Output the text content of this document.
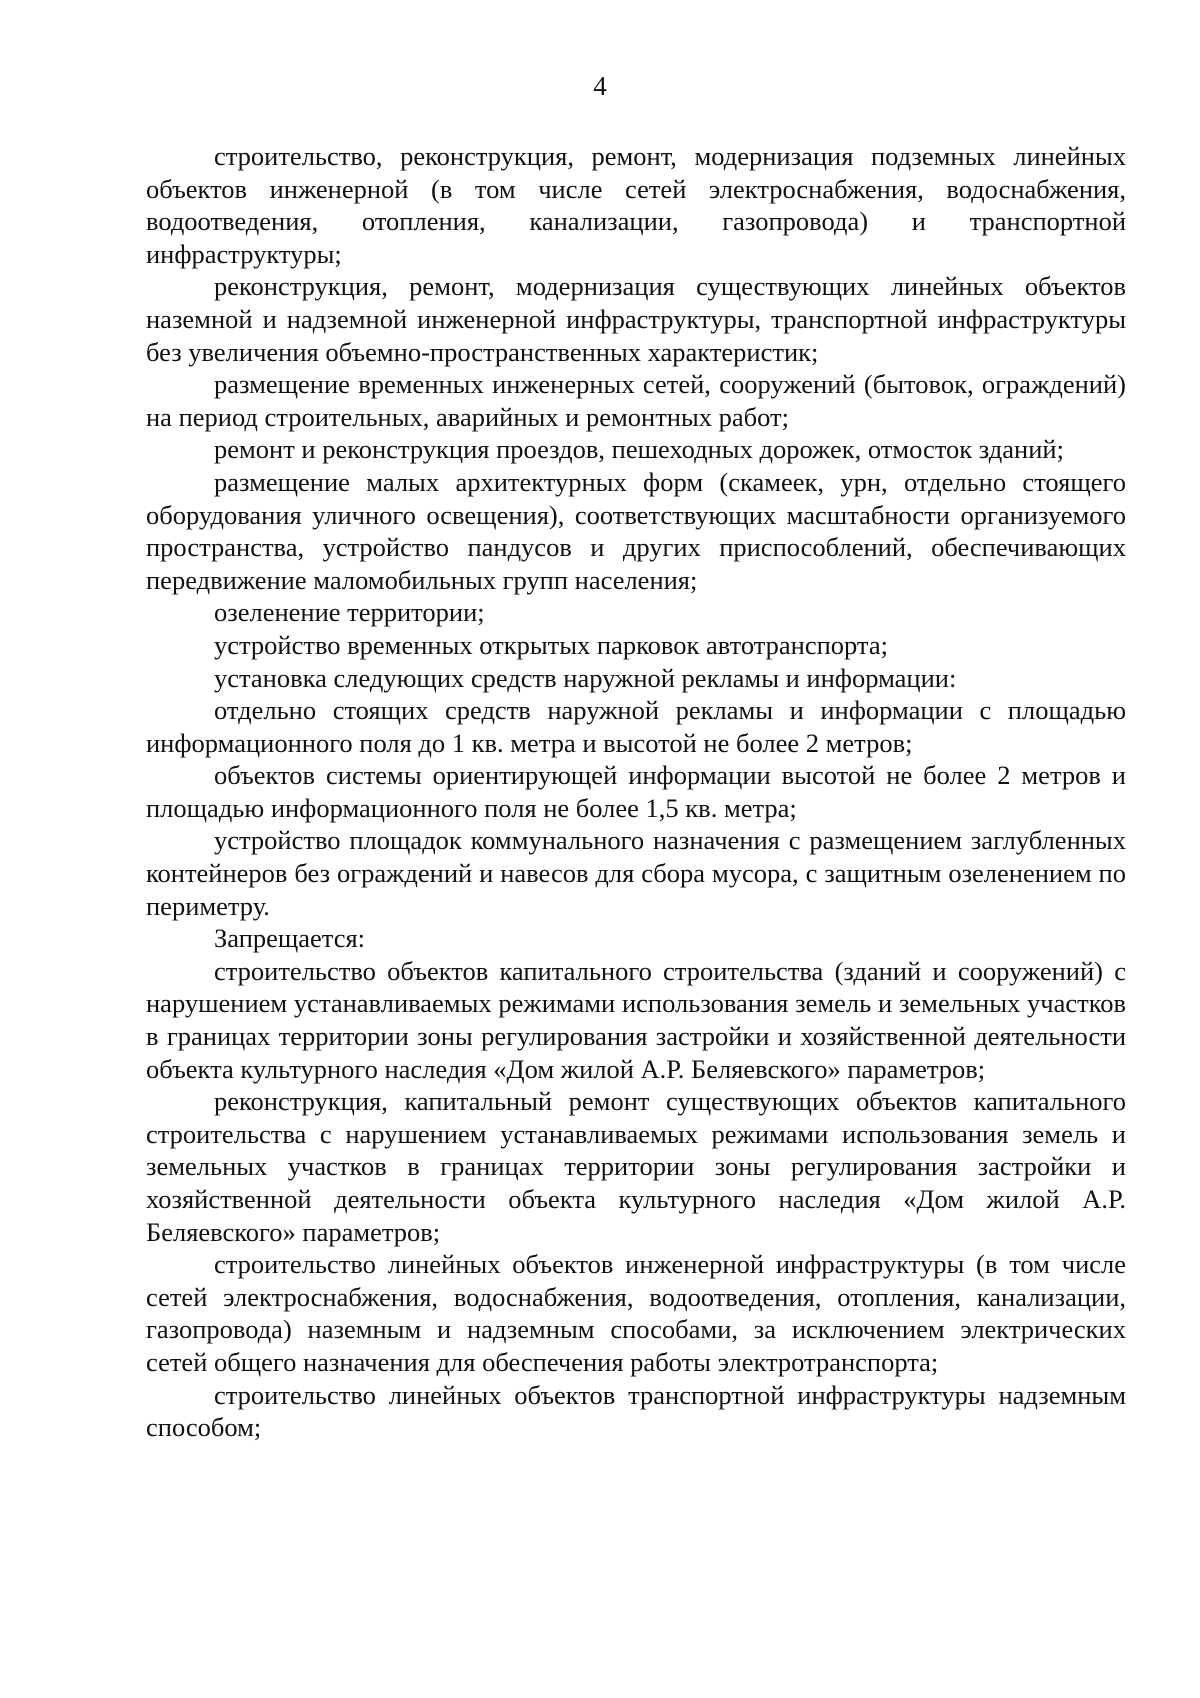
4

строительство, реконструкция, ремонт, модернизация подземных линейных объектов инженерной (в том числе сетей электроснабжения, водоснабжения, водоотведения, отопления, канализации, газопровода) и транспортной инфраструктуры;

реконструкция, ремонт, модернизация существующих линейных объектов наземной и надземной инженерной инфраструктуры, транспортной инфраструктуры без увеличения объемно-пространственных характеристик;

размещение временных инженерных сетей, сооружений (бытовок, ограждений) на период строительных, аварийных и ремонтных работ;

ремонт и реконструкция проездов, пешеходных дорожек, отмосток зданий;

размещение малых архитектурных форм (скамеек, урн, отдельно стоящего оборудования уличного освещения), соответствующих масштабности организуемого пространства, устройство пандусов и других приспособлений, обеспечивающих передвижение маломобильных групп населения;

озеленение территории;

устройство временных открытых парковок автотранспорта;

установка следующих средств наружной рекламы и информации:

отдельно стоящих средств наружной рекламы и информации с площадью информационного поля до 1 кв. метра и высотой не более 2 метров;

объектов системы ориентирующей информации высотой не более 2 метров и площадью информационного поля не более 1,5 кв. метра;

устройство площадок коммунального назначения с размещением заглубленных контейнеров без ограждений и навесов для сбора мусора, с защитным озеленением по периметру.

Запрещается:

строительство объектов капитального строительства (зданий и сооружений) с нарушением устанавливаемых режимами использования земель и земельных участков в границах территории зоны регулирования застройки и хозяйственной деятельности объекта культурного наследия «Дом жилой А.Р. Беляевского» параметров;

реконструкция, капитальный ремонт существующих объектов капитального строительства с нарушением устанавливаемых режимами использования земель и земельных участков в границах территории зоны регулирования застройки и хозяйственной деятельности объекта культурного наследия «Дом жилой А.Р. Беляевского» параметров;

строительство линейных объектов инженерной инфраструктуры (в том числе сетей электроснабжения, водоснабжения, водоотведения, отопления, канализации, газопровода) наземным и надземным способами, за исключением электрических сетей общего назначения для обеспечения работы электротранспорта;

строительство линейных объектов транспортной инфраструктуры надземным способом;
